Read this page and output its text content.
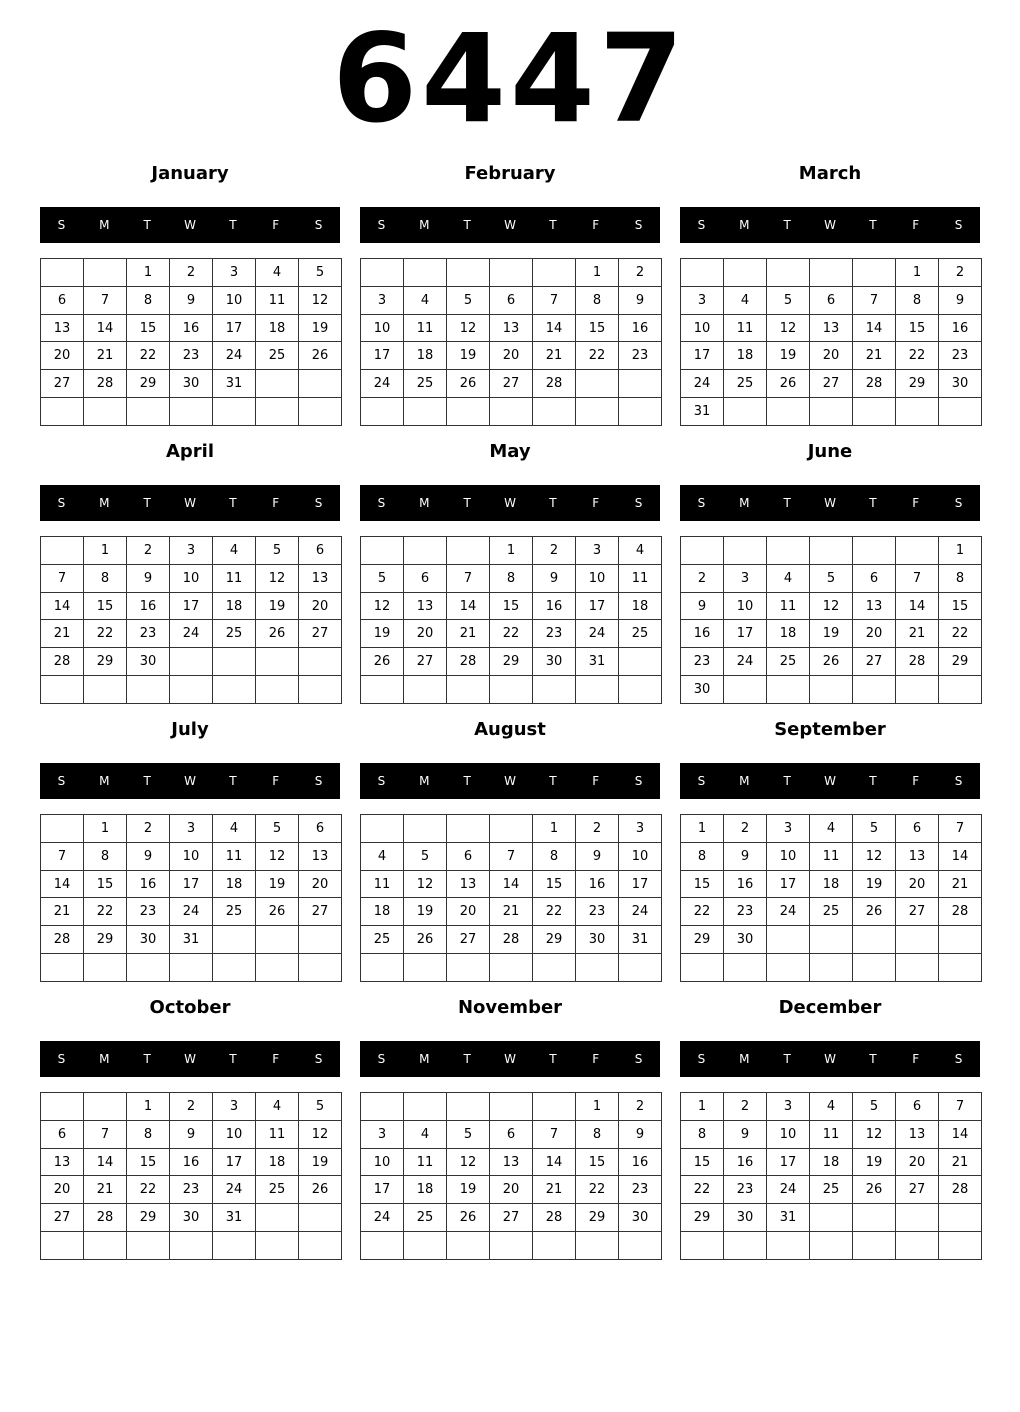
6447
January
S	M	T	W	T	F	S
		1	2	3	4	5
6	7	8	9	10	11	12
13	14	15	16	17	18	19
20	21	22	23	24	25	26
27	28	29	30	31		

February
S	M	T	W	T	F	S
					1	2
3	4	5	6	7	8	9
10	11	12	13	14	15	16
17	18	19	20	21	22	23
24	25	26	27	28		

March
S	M	T	W	T	F	S
					1	2
3	4	5	6	7	8	9
10	11	12	13	14	15	16
17	18	19	20	21	22	23
24	25	26	27	28	29	30
31						
April
S	M	T	W	T	F	S
	1	2	3	4	5	6
7	8	9	10	11	12	13
14	15	16	17	18	19	20
21	22	23	24	25	26	27
28	29	30				

May
S	M	T	W	T	F	S
			1	2	3	4
5	6	7	8	9	10	11
12	13	14	15	16	17	18
19	20	21	22	23	24	25
26	27	28	29	30	31	

June
S	M	T	W	T	F	S
						1
2	3	4	5	6	7	8
9	10	11	12	13	14	15
16	17	18	19	20	21	22
23	24	25	26	27	28	29
30						
July
S	M	T	W	T	F	S
	1	2	3	4	5	6
7	8	9	10	11	12	13
14	15	16	17	18	19	20
21	22	23	24	25	26	27
28	29	30	31			

August
S	M	T	W	T	F	S
				1	2	3
4	5	6	7	8	9	10
11	12	13	14	15	16	17
18	19	20	21	22	23	24
25	26	27	28	29	30	31

September
S	M	T	W	T	F	S
1	2	3	4	5	6	7
8	9	10	11	12	13	14
15	16	17	18	19	20	21
22	23	24	25	26	27	28
29	30					

October
S	M	T	W	T	F	S
		1	2	3	4	5
6	7	8	9	10	11	12
13	14	15	16	17	18	19
20	21	22	23	24	25	26
27	28	29	30	31		

November
S	M	T	W	T	F	S
					1	2
3	4	5	6	7	8	9
10	11	12	13	14	15	16
17	18	19	20	21	22	23
24	25	26	27	28	29	30

December
S	M	T	W	T	F	S
1	2	3	4	5	6	7
8	9	10	11	12	13	14
15	16	17	18	19	20	21
22	23	24	25	26	27	28
29	30	31				
